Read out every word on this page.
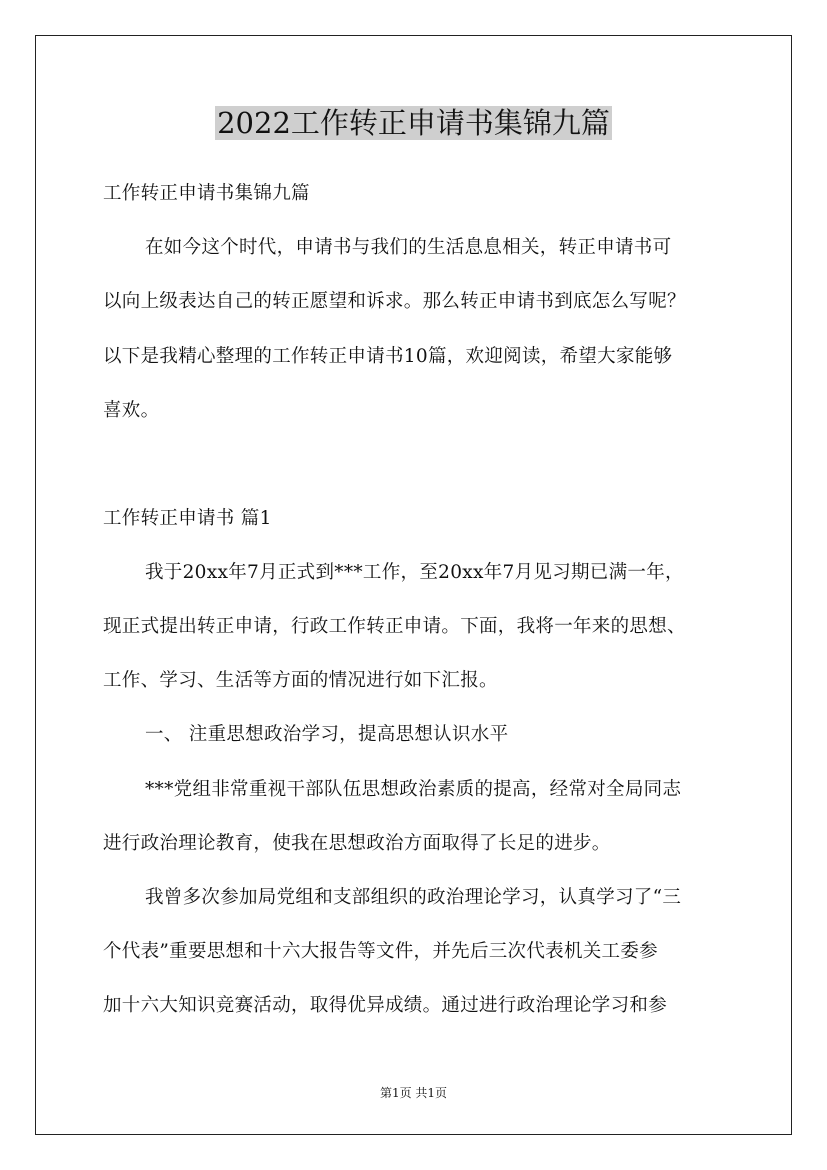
2022工作转正申请书集锦九篇
工作转正申请书集锦九篇
在如今这个时代，申请书与我们的生活息息相关，转正申请书可
以向上级表达自己的转正愿望和诉求。那么转正申请书到底怎么写呢？
以下是我精心整理的工作转正申请书10篇，欢迎阅读，希望大家能够
喜欢。
工作转正申请书 篇1
我于20xx年7月正式到***工作，至20xx年7月见习期已满一年，
现正式提出转正申请，行政工作转正申请。下面，我将一年来的思想、
工作、学习、生活等方面的情况进行如下汇报。
一、 注重思想政治学习，提高思想认识水平
***党组非常重视干部队伍思想政治素质的提高，经常对全局同志
进行政治理论教育，使我在思想政治方面取得了长足的进步。
我曾多次参加局党组和支部组织的政治理论学习，认真学习了“三
个代表”重要思想和十六大报告等文件，并先后三次代表机关工委参
加十六大知识竞赛活动，取得优异成绩。通过进行政治理论学习和参
第1页 共1页
